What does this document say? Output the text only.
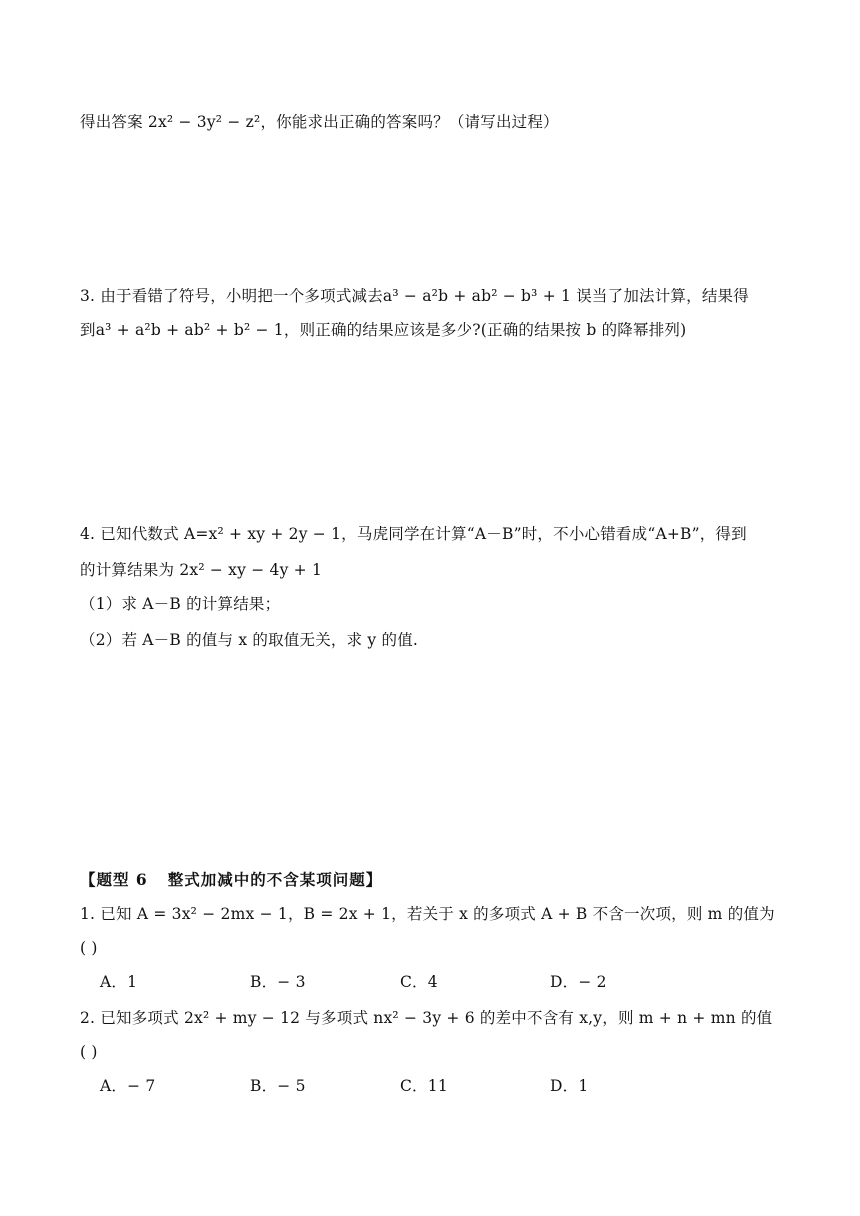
得出答案 2x² − 3y² − z²，你能求出正确的答案吗？（请写出过程）
3. 由于看错了符号，小明把一个多项式减去a³ − a²b + ab² − b³ + 1 误当了加法计算，结果得
到a³ + a²b + ab² + b² − 1，则正确的结果应该是多少?(正确的结果按 b 的降幂排列)
4. 已知代数式 A=x² + xy + 2y − 1，马虎同学在计算“A－B”时，不小心错看成“A+B”，得到
的计算结果为 2x² − xy − 4y + 1
（1）求 A－B 的计算结果；
（2）若 A－B 的值与 x 的取值无关，求 y 的值.
【题型 6 整式加减中的不含某项问题】
1. 已知 A = 3x² − 2mx − 1，B = 2x + 1，若关于 x 的多项式 A + B 不含一次项，则 m 的值为
( )
A．1	B．− 3	C．4	D．− 2
2. 已知多项式 2x² + my − 12 与多项式 nx² − 3y + 6 的差中不含有 x,y，则 m + n + mn 的值
( )
A．− 7	B．− 5	C．11	D．1
